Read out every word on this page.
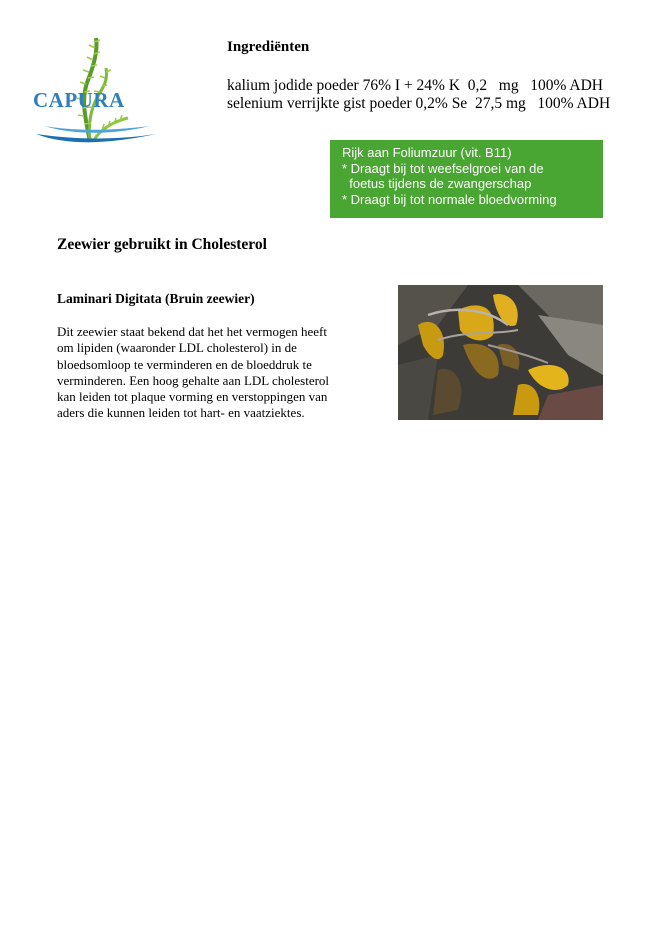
CAPURA
Ingrediënten
kalium jodide poeder 76% I + 24% K  0,2   mg   100% ADH
selenium verrijkte gist poeder 0,2% Se  27,5 mg   100% ADH
Rijk aan Foliumzuur (vit. B11)
* Draagt bij tot weefselgroei van de
foetus tijdens de zwangerschap
* Draagt bij tot normale bloedvorming
Zeewier gebruikt in Cholesterol
Laminari Digitata (Bruin zeewier)
Dit zeewier staat bekend dat het het vermogen heeft
om lipiden (waaronder LDL cholesterol) in de
bloedsomloop te verminderen en de bloeddruk te
verminderen. Een hoog gehalte aan LDL cholesterol
kan leiden tot plaque vorming en verstoppingen van
aders die kunnen leiden tot hart- en vaatziektes.
